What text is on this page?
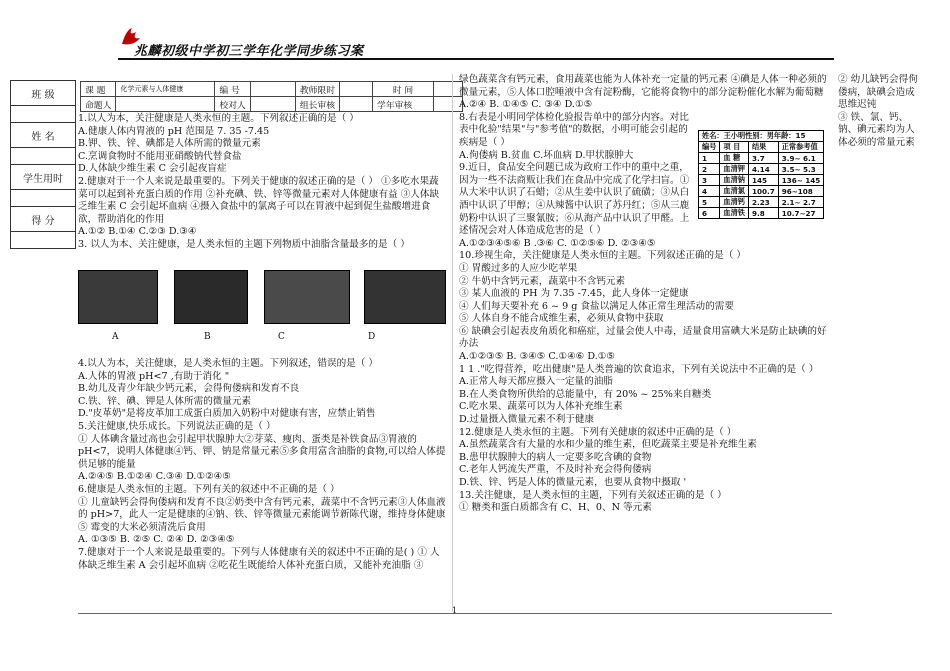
兆麟初级中学初三学年化学同步练习案
班 级

姓 名

学生用时

得 分

课 题	化学元素与人体健康	编 号		教师限时		时 间	
命题人		校对人		组长审核		学年审核	

1.以人为本，关注健康是人类永恒的主题。下列叙述正确的是（ ）

A.健康人体内胃液的 pH 范围是 7. 35 -7.45

B.钾、铁、锌、碘都是人体所需的微量元素

C.烹调食物时不能用亚硝酸钠代替食盐

D.人体缺少维生素 C 会引起夜盲症

2.健康对于一个人来说是最重要的。下列关于健康的叙述正确的是（ ） ①多吃水果蔬菜可以起到补充蛋白质的作用 ②补充碘、铁、锌等微量元素对人体健康有益 ③人体缺乏维生素 C 会引起坏血病 ④摄入食盐中的氯离子可以在胃液中起到促生盐酸增进食欲，帮助消化的作用

A.①② B.①④ C.②③ D.③④

3. 以人为本、关注健康，是人类永恒的主题下列物质中油脂含量最多的是（ ）

A	B	C	D

4.以人为本，关注健康，是人类永恒的主题。下列叙述，错误的是（ ）

A.人体的胃液 pH<7 ,有助于消化 "

B.幼儿及青少年缺少钙元素，会得佝偻病和发育不良

C.铁、锌、碘、钾是人体所需的微量元素

D."皮革奶"是将皮革加工成蛋白质加入奶粉中对健康有害，应禁止销售

5.关注健康,快乐成长。下列说法正确的是（ ）

① 人体碘含量过高也会引起甲状腺肿大②芽菜、瘦肉、蛋类是补铁食品③胃液的 pH<7，说明人体健康④钙、钾、钠是常量元素⑤多食用富含油脂的食物,可以给人体提供足够的能量

A.②④⑤ B.①②④ C.③④ D.①②④⑤

6.健康是人类永恒的主题。下列有关的叙述中不正确的是（ ）

① 儿童缺钙会得佝偻病和发育不良②奶类中含有钙元素，蔬菜中不含钙元素③人体血液的 pH>7，此人一定是健康的④钠、铁、锌等微量元素能调节新陈代谢，维持身体健康⑤ 霉变的大米必须清洗后食用

A. ①③⑤ B. ②⑤ C. ②④ D. ②③④⑤

7.健康对于一个人来说是最重要的。下列与人体健康有关的叙述中不正确的是( ) ① 人体缺乏维生素 A 会引起坏血病 ②吃花生既能给人体补充蛋白质，又能补充油脂 ③

绿色蔬菜含有钙元素，食用蔬菜也能为人体补充一定量的钙元素 ④碘是人体一种必须的微量元素，⑤人体口腔唾液中含有淀粉酶，它能将食物中的部分淀粉催化水解为葡萄糖

A.②④ B. ①④⑤ C. ③④ D.①⑤

8.右表是小明同学体检化验报告单中的部分内容。对比表中化验"结果"与"参考值"的数据，小明可能会引起的疾病是（ ）

A.佝偻病 B.贫血 C.坏血病 D.甲状腺肿大

9.近日，食品安全问题已成为政府工作中的重中之重，因为一些不法商贩让我们在食品中完成了化学扫盲。①从大米中认识了石蜡；②从生姜中认识了硫磺；③从白酒中认识了甲醇；④从辣酱中认识了苏丹红；⑤从三鹿奶粉中认识了三聚氰胺；⑥从海产品中认识了甲醛。上述情况会对人体造成危害的是（ ）

A.①②③④⑤⑥ B .③⑥ C. ①②⑤⑥ D. ②③④⑤

10.珍视生命，关注健康是人类永恒的主题。下列叙述正确的是（ ）

① 胃酸过多的人应少吃苹果

② 牛奶中含钙元素，蔬菜中不含钙元素

③ 某人血液的 PH 为 7.35 -7.45，此人身体一定健康

④ 人们每天要补充 6 ~ 9 g 食盐以满足人体正常生理活动的需要

⑤ 人体自身不能合成维生素，必须从食物中获取

⑥ 缺碘会引起表皮角质化和癌症，过量会使人中毒，适量食用富碘大米是防止缺碘的好办法

A.①②③⑤ B. ③④⑤ C.①④⑥ D.①⑤

1 1 ."吃得营养，吃出健康"是人类普遍的饮食追求，下列有关说法中不正确的是（ ）

A.正常人每天都应摄入一定量的油脂

B.在人类食物所供给的总能量中，有 20% ~ 25%来自糖类

C.吃水果、蔬菜可以为人体补充维生素

D.过量摄入微量元素不利于健康

12.健康是人类永恒的主题。下列有关健康的叙述中正确的是（ ）

A.虽然蔬菜含有大量的水和少量的维生素，但吃蔬菜主要是补充维生素

B.患甲状腺肿大的病人一定要多吃含碘的食物

C.老年人钙流失严重，不及时补充会得佝偻病

D.铁、锌、钙是人体的微量元素，也要从食物中摄取 '

13.关注健康，是人类永恒的主题，下列有关叙述正确的是（ ）

① 糖类和蛋白质都含有 C、H、0、N 等元素

姓名：王小明性别：男年龄：15			
编号	项 目	结果	正常参考值
1	血 糖	3.7	3.9~ 6.1
2	血清钾	4.14	3.5~ 5.3
3	血清钠	145	136~ 145
4	血清氯	100.7	96~108
5	血清钙	2.23	2.1~ 2.7
6	血清铁	9.8	10.7~27

② 幼儿缺钙会得佝偻病，缺碘会造成思维迟钝

③ 铁、氯、钙、钠、碘元素均为人体必须的常量元素

1
